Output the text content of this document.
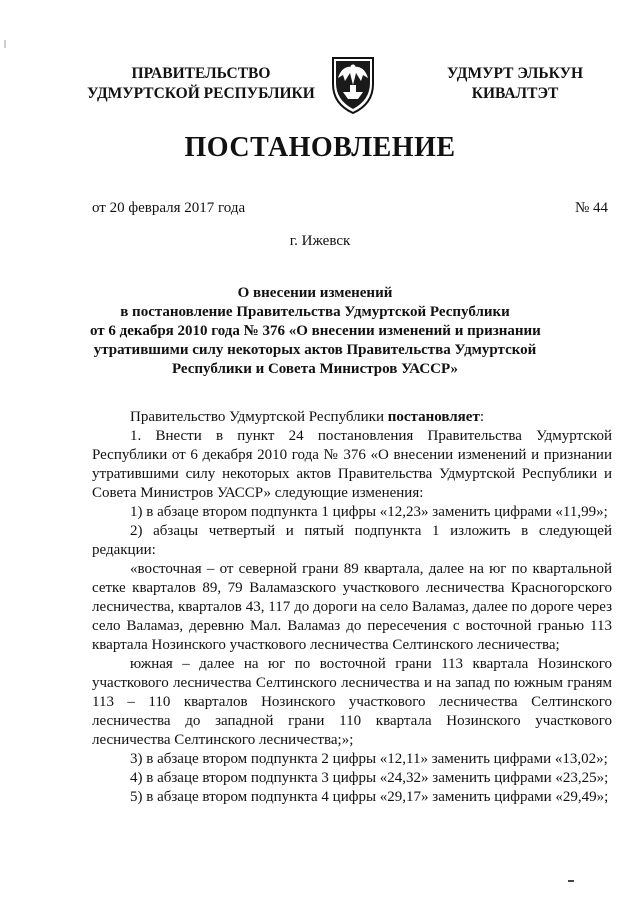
ПРАВИТЕЛЬСТВО
УДМУРТСКОЙ РЕСПУБЛИКИ
УДМУРТ ЭЛЬКУН
КИВАЛТЭТ
ПОСТАНОВЛЕНИЕ
от 20 февраля 2017 года	№ 44
г. Ижевск
О внесении изменений
в постановление Правительства Удмуртской Республики
от 6 декабря 2010 года № 376 «О внесении изменений и признании
утратившими силу некоторых актов Правительства Удмуртской
Республики и Совета Министров УАССР»

Правительство Удмуртской Республики постановляет:

1. Внести в пункт 24 постановления Правительства Удмуртской Республики от 6 декабря 2010 года № 376 «О внесении изменений и признании утратившими силу некоторых актов Правительства Удмуртской Республики и Совета Министров УАССР» следующие изменения:

1) в абзаце втором подпункта 1 цифры «12,23» заменить цифрами «11,99»;

2) абзацы четвертый и пятый подпункта 1 изложить в следующей редакции:

«восточная – от северной грани 89 квартала, далее на юг по квартальной сетке кварталов 89, 79 Валамазского участкового лесничества Красногорского лесничества, кварталов 43, 117 до дороги на село Валамаз, далее по дороге через село Валамаз, деревню Мал. Валамаз до пересечения с восточной гранью 113 квартала Нозинского участкового лесничества Селтинского лесничества;

южная – далее на юг по восточной грани 113 квартала Нозинского участкового лесничества Селтинского лесничества и на запад по южным граням 113 – 110 кварталов Нозинского участкового лесничества Селтинского лесничества до западной грани 110 квартала Нозинского участкового лесничества Селтинского лесничества;»;

3) в абзаце втором подпункта 2 цифры «12,11» заменить цифрами «13,02»;

4) в абзаце втором подпункта 3 цифры «24,32» заменить цифрами «23,25»;

5) в абзаце втором подпункта 4 цифры «29,17» заменить цифрами «29,49»;
